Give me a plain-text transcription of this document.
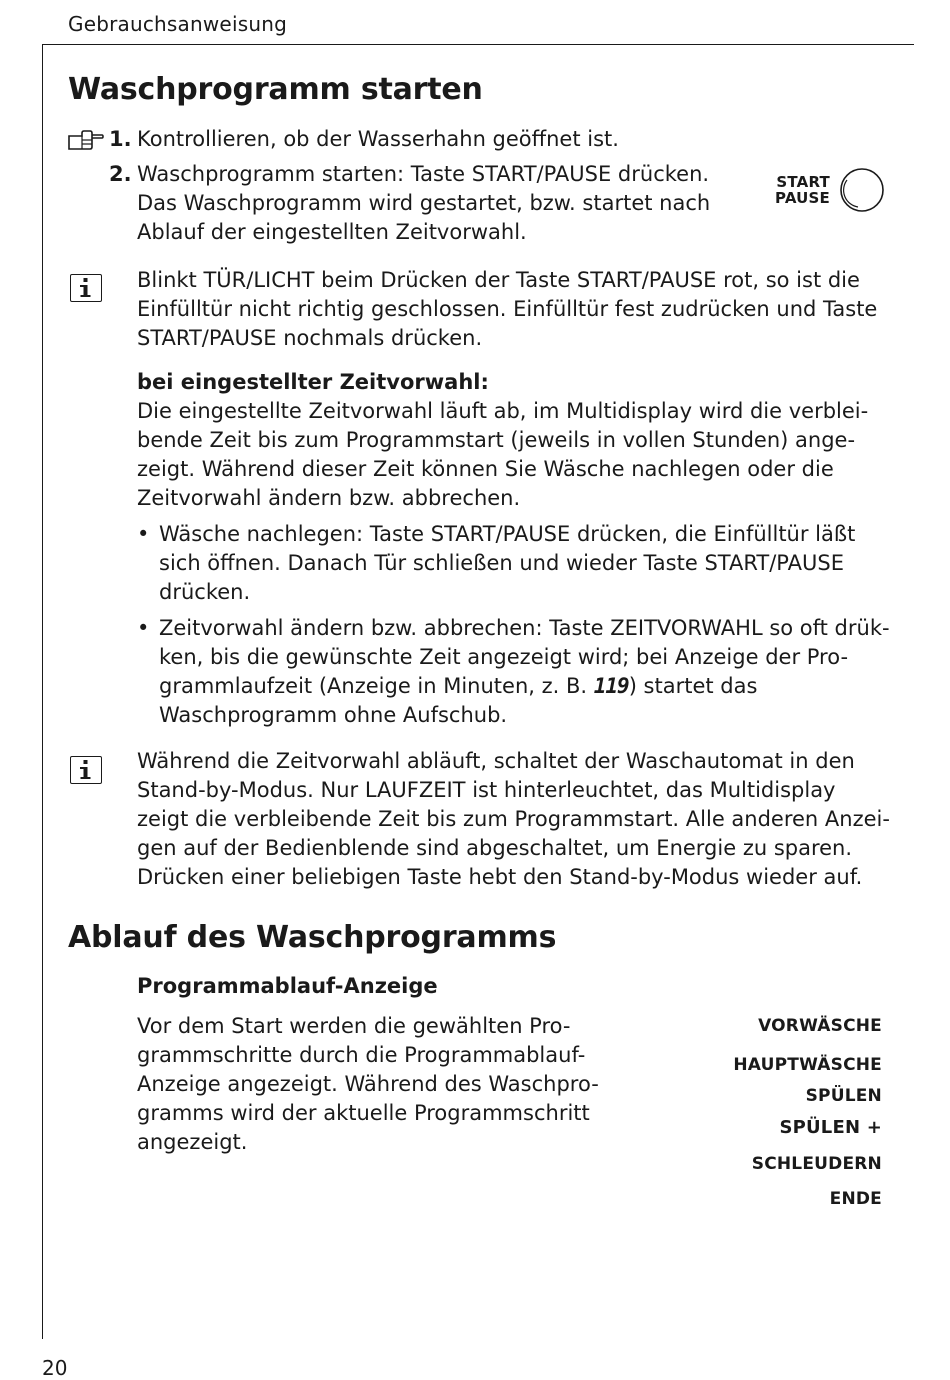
Gebrauchsanweisung
Waschprogramm starten
1. Kontrollieren, ob der Wasserhahn geöffnet ist.
2. Waschprogramm starten: Taste START/PAUSE drücken.
Das Waschprogramm wird gestartet, bzw. startet nach
Ablauf der eingestellten Zeitvorwahl.
START
PAUSE
Blinkt TÜR/LICHT beim Drücken der Taste START/PAUSE rot, so ist die
Einfülltür nicht richtig geschlossen. Einfülltür fest zudrücken und Taste
START/PAUSE nochmals drücken.
bei eingestellter Zeitvorwahl:
Die eingestellte Zeitvorwahl läuft ab, im Multidisplay wird die verblei-
bende Zeit bis zum Programmstart (jeweils in vollen Stunden) ange-
zeigt. Während dieser Zeit können Sie Wäsche nachlegen oder die
Zeitvorwahl ändern bzw. abbrechen.
• Wäsche nachlegen: Taste START/PAUSE drücken, die Einfülltür läßt
sich öffnen. Danach Tür schließen und wieder Taste START/PAUSE
drücken.
• Zeitvorwahl ändern bzw. abbrechen: Taste ZEITVORWAHL so oft drük-
ken, bis die gewünschte Zeit angezeigt wird; bei Anzeige der Pro-
grammlaufzeit (Anzeige in Minuten, z. B. 119) startet das
Waschprogramm ohne Aufschub.
Während die Zeitvorwahl abläuft, schaltet der Waschautomat in den
Stand-by-Modus. Nur LAUFZEIT ist hinterleuchtet, das Multidisplay
zeigt die verbleibende Zeit bis zum Programmstart. Alle anderen Anzei-
gen auf der Bedienblende sind abgeschaltet, um Energie zu sparen.
Drücken einer beliebigen Taste hebt den Stand-by-Modus wieder auf.
Ablauf des Waschprogramms
Programmablauf-Anzeige
Vor dem Start werden die gewählten Pro-
grammschritte durch die Programmablauf-
Anzeige angezeigt. Während des Waschpro-
gramms wird der aktuelle Programmschritt
angezeigt.
VORWÄSCHE
HAUPTWÄSCHE
SPÜLEN
SPÜLEN +
SCHLEUDERN
ENDE
20
